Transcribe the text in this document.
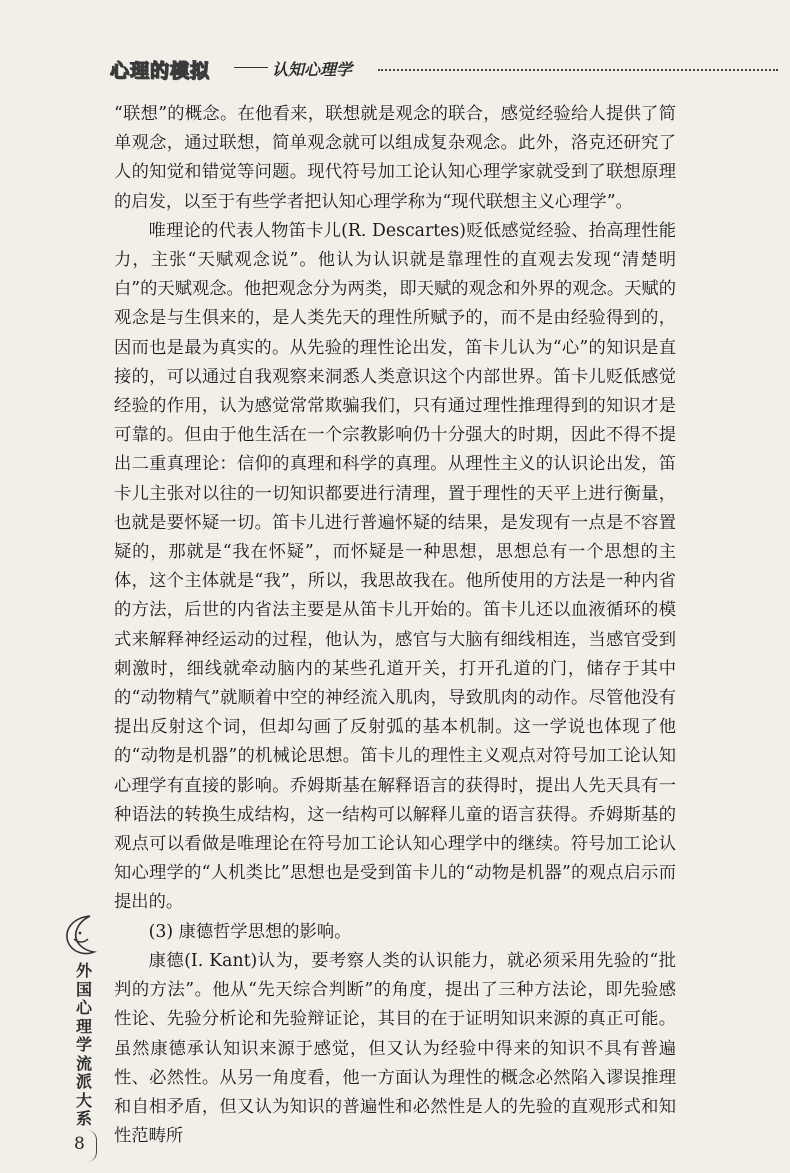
心理的模拟	认知心理学

“联想”的概念。在他看来，联想就是观念的联合，感觉经验给人提供了简单观念，通过联想，简单观念就可以组成复杂观念。此外，洛克还研究了人的知觉和错觉等问题。现代符号加工论认知心理学家就受到了联想原理的启发，以至于有些学者把认知心理学称为“现代联想主义心理学”。

唯理论的代表人物笛卡儿(R. Descartes)贬低感觉经验、抬高理性能力，主张“天赋观念说”。他认为认识就是靠理性的直观去发现“清楚明白”的天赋观念。他把观念分为两类，即天赋的观念和外界的观念。天赋的观念是与生俱来的，是人类先天的理性所赋予的，而不是由经验得到的，因而也是最为真实的。从先验的理性论出发，笛卡儿认为“心”的知识是直接的，可以通过自我观察来洞悉人类意识这个内部世界。笛卡儿贬低感觉经验的作用，认为感觉常常欺骗我们，只有通过理性推理得到的知识才是可靠的。但由于他生活在一个宗教影响仍十分强大的时期，因此不得不提出二重真理论：信仰的真理和科学的真理。从理性主义的认识论出发，笛卡儿主张对以往的一切知识都要进行清理，置于理性的天平上进行衡量，也就是要怀疑一切。笛卡儿进行普遍怀疑的结果，是发现有一点是不容置疑的，那就是“我在怀疑”，而怀疑是一种思想，思想总有一个思想的主体，这个主体就是“我”，所以，我思故我在。他所使用的方法是一种内省的方法，后世的内省法主要是从笛卡儿开始的。笛卡儿还以血液循环的模式来解释神经运动的过程，他认为，感官与大脑有细线相连，当感官受到刺激时，细线就牵动脑内的某些孔道开关，打开孔道的门，储存于其中的“动物精气”就顺着中空的神经流入肌肉，导致肌肉的动作。尽管他没有提出反射这个词，但却勾画了反射弧的基本机制。这一学说也体现了他的“动物是机器”的机械论思想。笛卡儿的理性主义观点对符号加工论认知心理学有直接的影响。乔姆斯基在解释语言的获得时，提出人先天具有一种语法的转换生成结构，这一结构可以解释儿童的语言获得。乔姆斯基的观点可以看做是唯理论在符号加工论认知心理学中的继续。符号加工论认知心理学的“人机类比”思想也是受到笛卡儿的“动物是机器”的观点启示而提出的。

(3) 康德哲学思想的影响。

康德(I. Kant)认为，要考察人类的认识能力，就必须采用先验的“批判的方法”。他从“先天综合判断”的角度，提出了三种方法论，即先验感性论、先验分析论和先验辩证论，其目的在于证明知识来源的真正可能。虽然康德承认知识来源于感觉，但又认为经验中得来的知识不具有普遍性、必然性。从另一角度看，他一方面认为理性的概念必然陷入谬误推理和自相矛盾，但又认为知识的普遍性和必然性是人的先验的直观形式和知性范畴所

外国心理学流派大系
8
